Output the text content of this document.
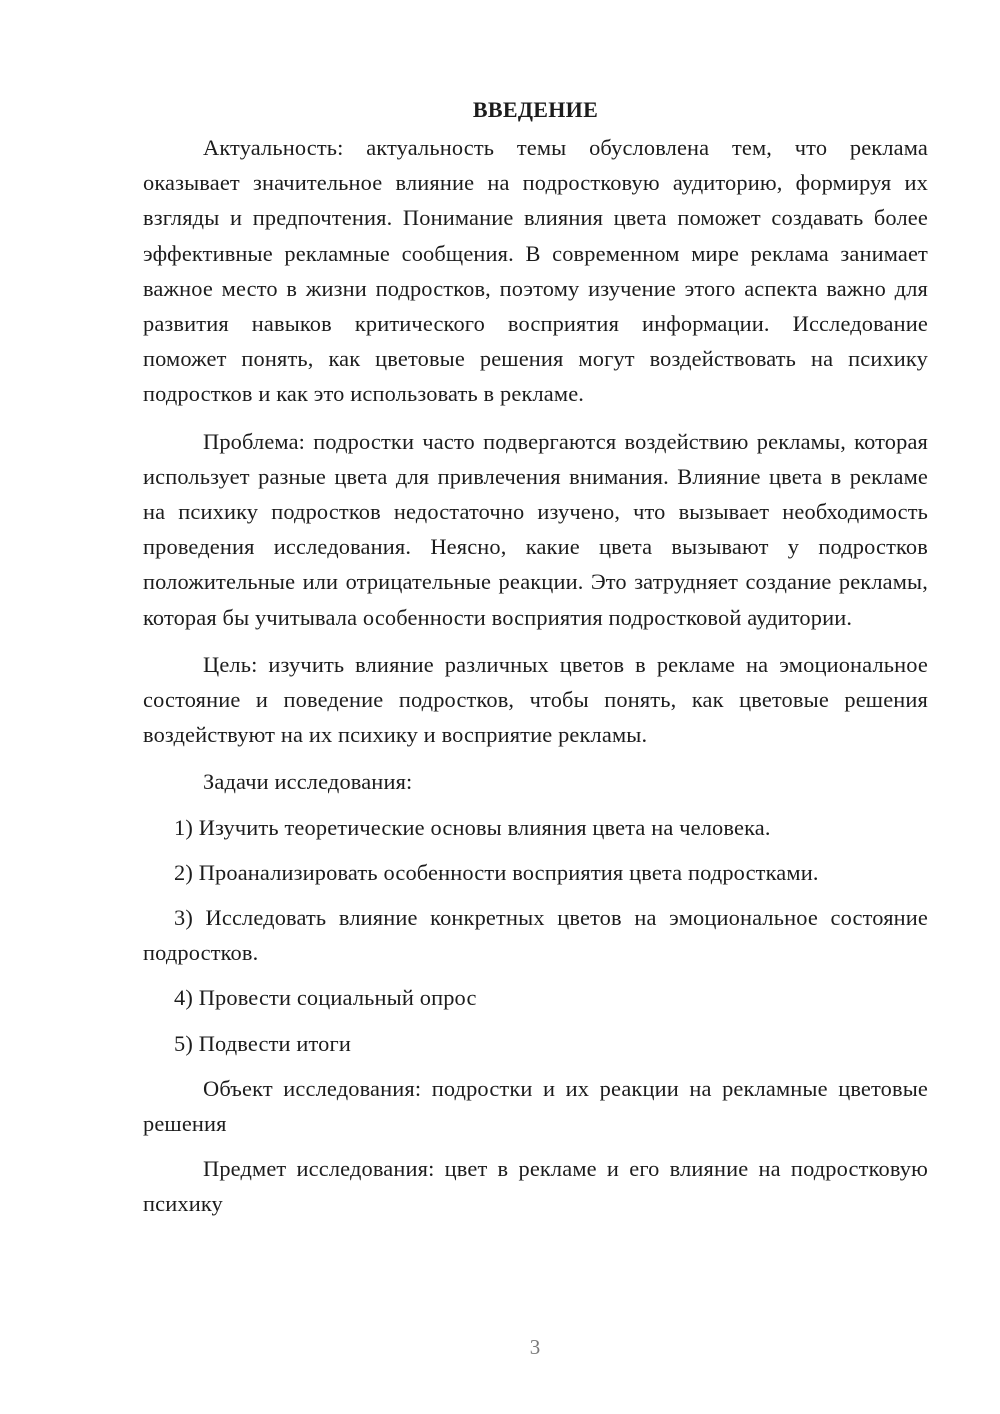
ВВЕДЕНИЕ

Актуальность: актуальность темы обусловлена тем, что реклама оказывает значительное влияние на подростковую аудиторию, формируя их взгляды и предпочтения. Понимание влияния цвета поможет создавать более эффективные рекламные сообщения. В современном мире реклама занимает важное место в жизни подростков, поэтому изучение этого аспекта важно для развития навыков критического восприятия информации. Исследование поможет понять, как цветовые решения могут воздействовать на психику подростков и как это использовать в рекламе.

Проблема: подростки часто подвергаются воздействию рекламы, которая использует разные цвета для привлечения внимания. Влияние цвета в рекламе на психику подростков недостаточно изучено, что вызывает необходимость проведения исследования. Неясно, какие цвета вызывают у подростков положительные или отрицательные реакции. Это затрудняет создание рекламы, которая бы учитывала особенности восприятия подростковой аудитории.

Цель: изучить влияние различных цветов в рекламе на эмоциональное состояние и поведение подростков, чтобы понять, как цветовые решения воздействуют на их психику и восприятие рекламы.

Задачи исследования:

1) Изучить теоретические основы влияния цвета на человека.

2) Проанализировать особенности восприятия цвета подростками.

3) Исследовать влияние конкретных цветов на эмоциональное состояние подростков.

4) Провести социальный опрос

5) Подвести итоги

Объект исследования: подростки и их реакции на рекламные цветовые решения

Предмет исследования: цвет в рекламе и его влияние на подростковую психику

3
